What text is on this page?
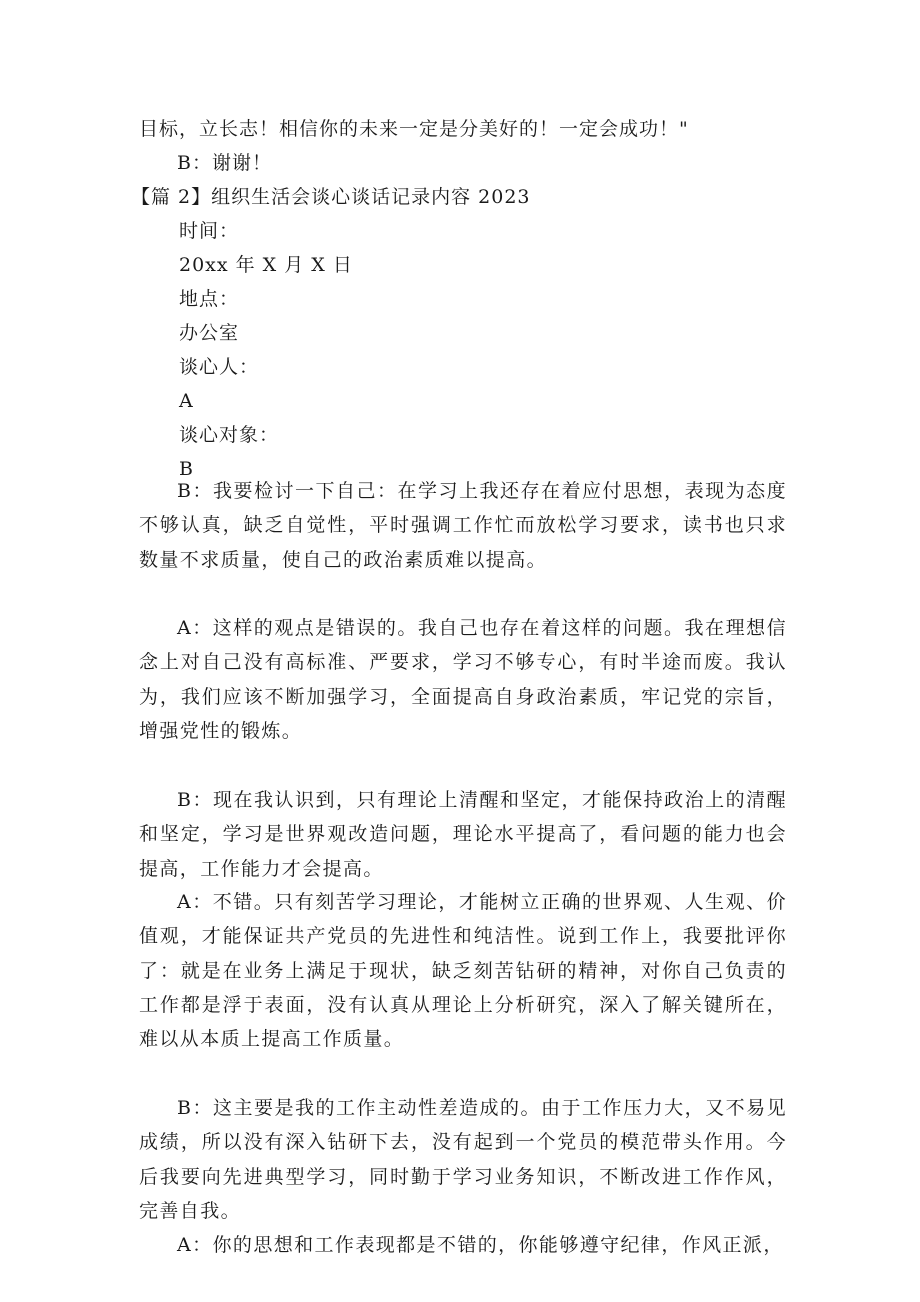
目标，立长志！相信你的未来一定是分美好的！一定会成功！"
B：谢谢！
【篇 2】组织生活会谈心谈话记录内容 2023
时间：
20xx 年 X 月 X 日
地点：
办公室
谈心人：
A
谈心对象：
B

B：我要检讨一下自己：在学习上我还存在着应付思想，表现为态度不够认真，缺乏自觉性，平时强调工作忙而放松学习要求，读书也只求数量不求质量，使自己的政治素质难以提高。

A：这样的观点是错误的。我自己也存在着这样的问题。我在理想信念上对自己没有高标准、严要求，学习不够专心，有时半途而废。我认为，我们应该不断加强学习，全面提高自身政治素质，牢记党的宗旨，增强党性的锻炼。

B：现在我认识到，只有理论上清醒和坚定，才能保持政治上的清醒和坚定，学习是世界观改造问题，理论水平提高了，看问题的能力也会提高，工作能力才会提高。

A：不错。只有刻苦学习理论，才能树立正确的世界观、人生观、价值观，才能保证共产党员的先进性和纯洁性。说到工作上，我要批评你了：就是在业务上满足于现状，缺乏刻苦钻研的精神，对你自己负责的工作都是浮于表面，没有认真从理论上分析研究，深入了解关键所在，难以从本质上提高工作质量。

B：这主要是我的工作主动性差造成的。由于工作压力大，又不易见成绩，所以没有深入钻研下去，没有起到一个党员的模范带头作用。今后我要向先进典型学习，同时勤于学习业务知识，不断改进工作作风，完善自我。

A：你的思想和工作表现都是不错的，你能够遵守纪律，作风正派，
